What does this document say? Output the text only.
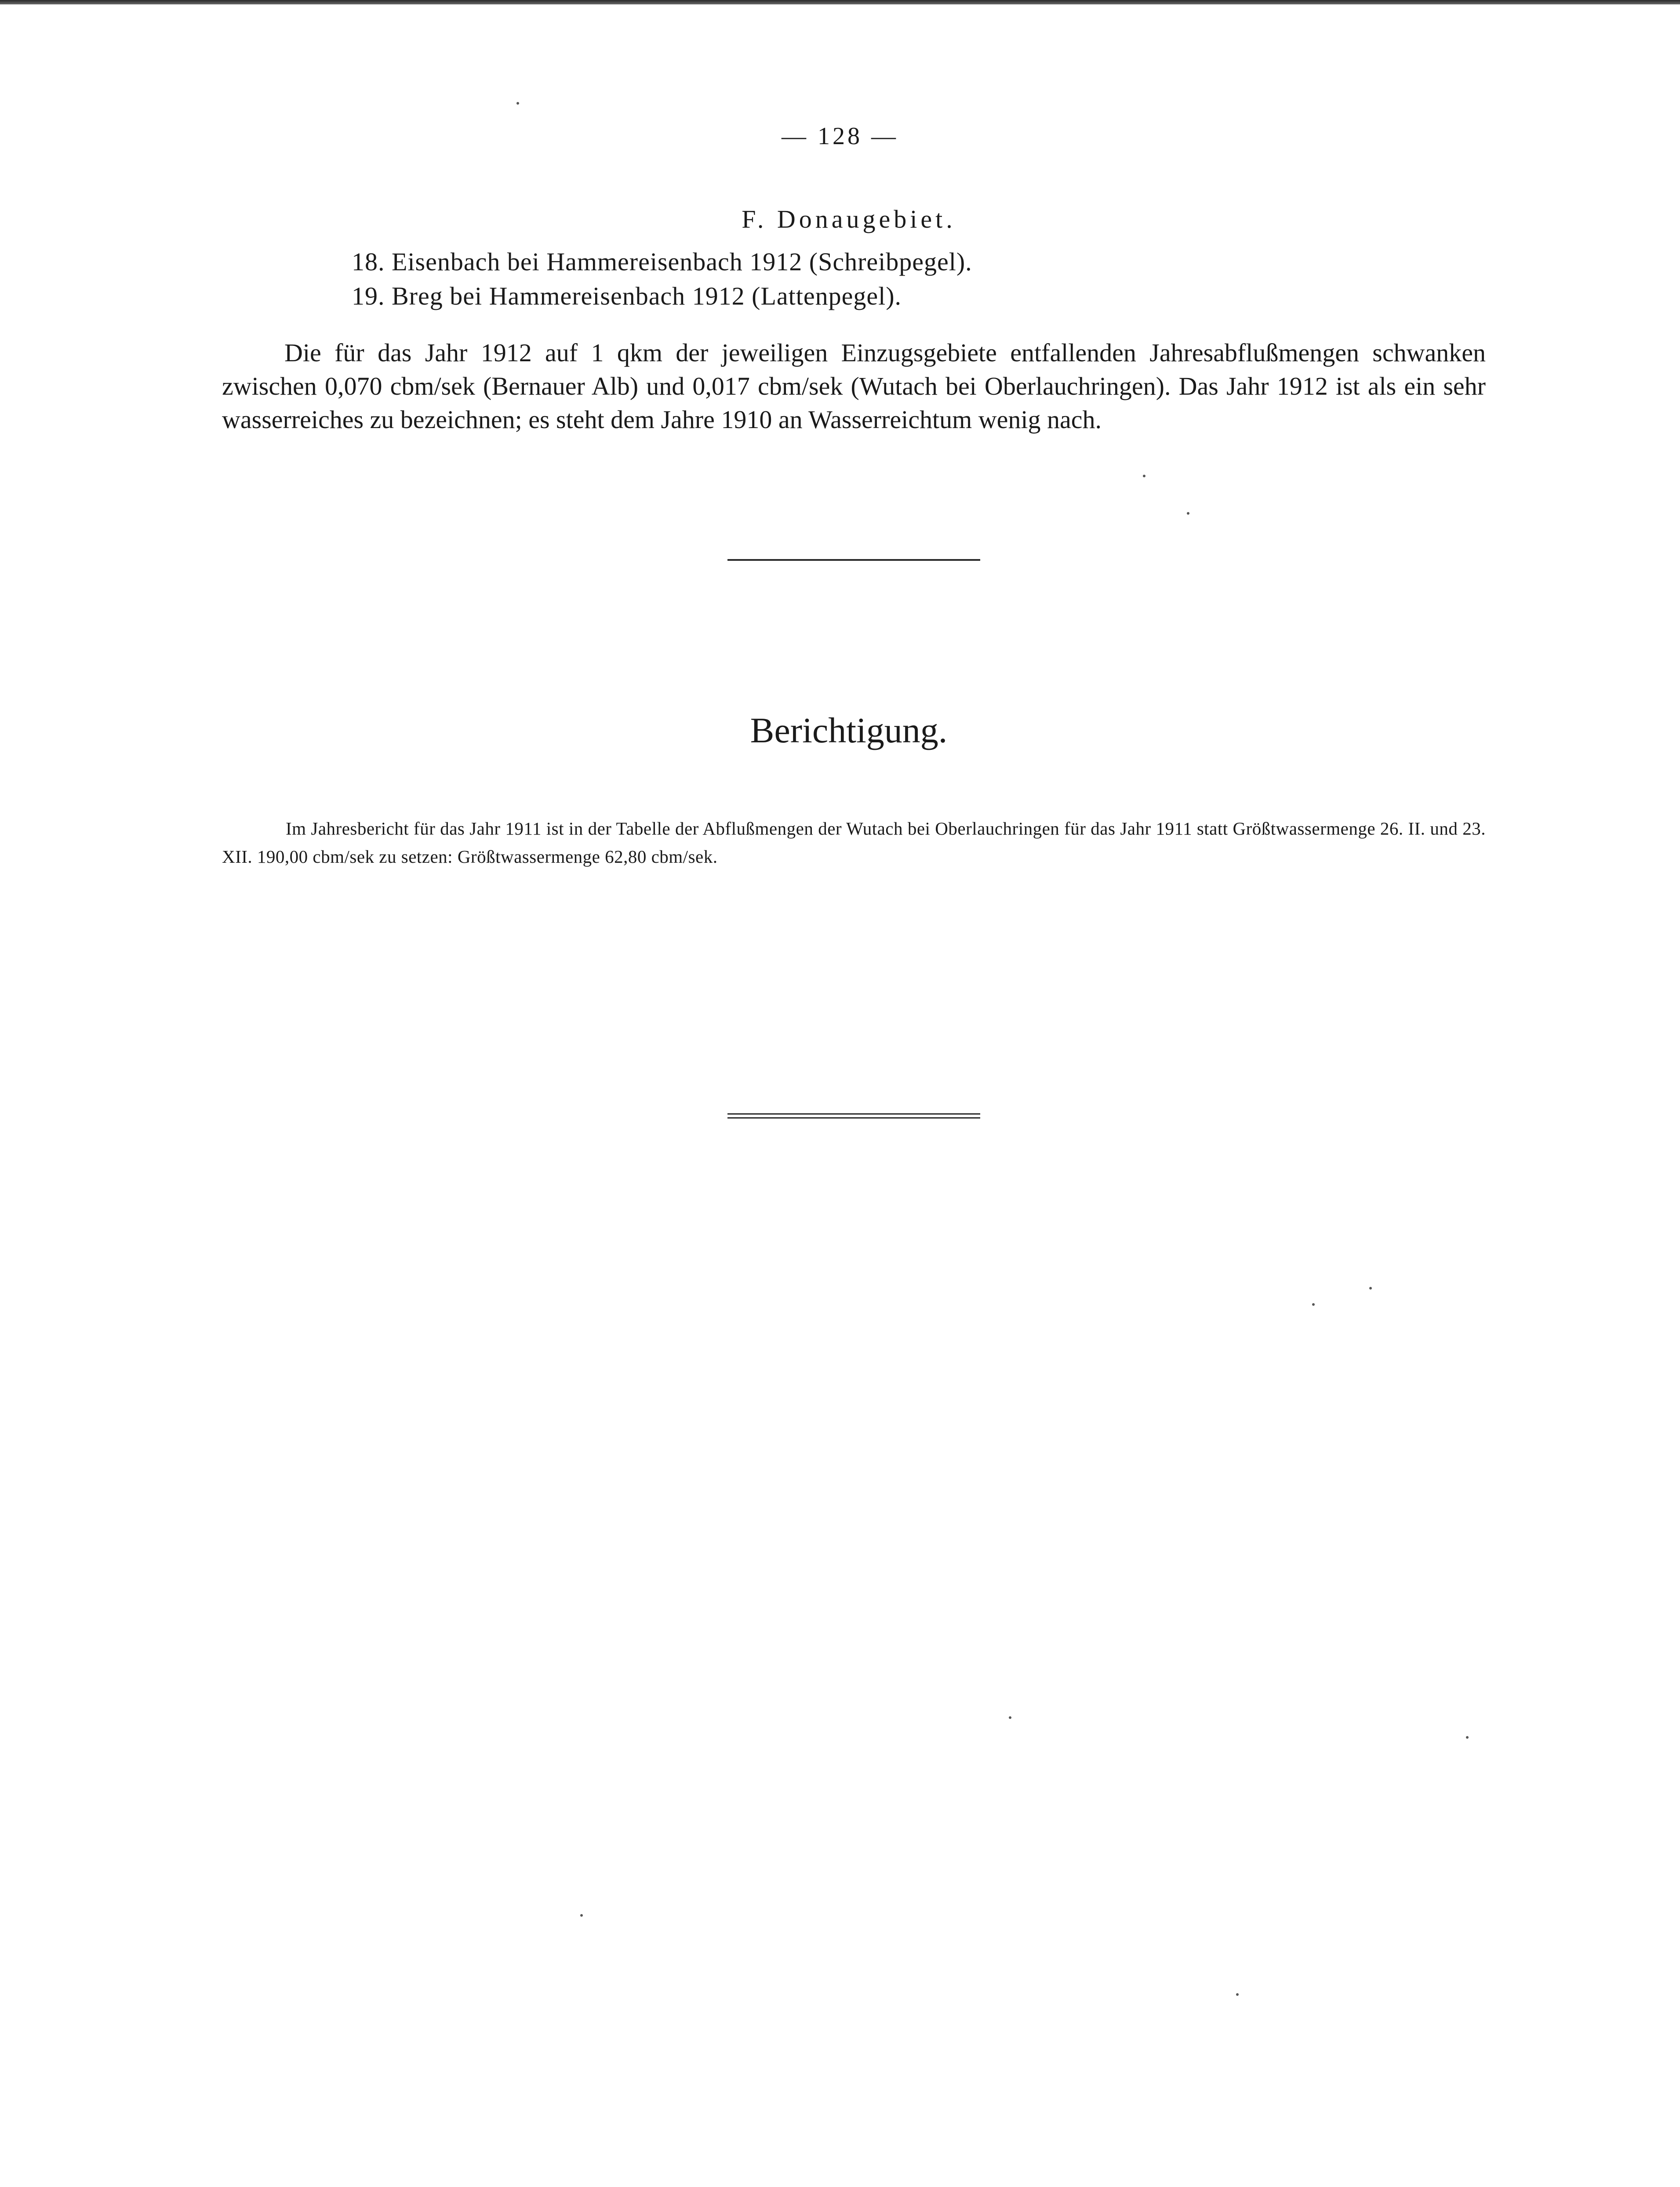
— 128 —
F. Donaugebiet.
18. Eisenbach bei Hammereisenbach 1912 (Schreibpegel).
19. Breg bei Hammereisenbach 1912 (Lattenpegel).

Die für das Jahr 1912 auf 1 qkm der jeweiligen Einzugsgebiete entfallenden Jahresabflußmengen schwanken zwischen 0,070 cbm/sek (Bernauer Alb) und 0,017 cbm/sek (Wutach bei Oberlauchringen). Das Jahr 1912 ist als ein sehr wasserreiches zu bezeichnen; es steht dem Jahre 1910 an Wasserreichtum wenig nach.

Berichtigung.

Im Jahresbericht für das Jahr 1911 ist in der Tabelle der Abflußmengen der Wutach bei Oberlauchringen für das Jahr 1911 statt Größtwassermenge 26. II. und 23. XII. 190,00 cbm/sek zu setzen: Größtwassermenge 62,80 cbm/sek.
